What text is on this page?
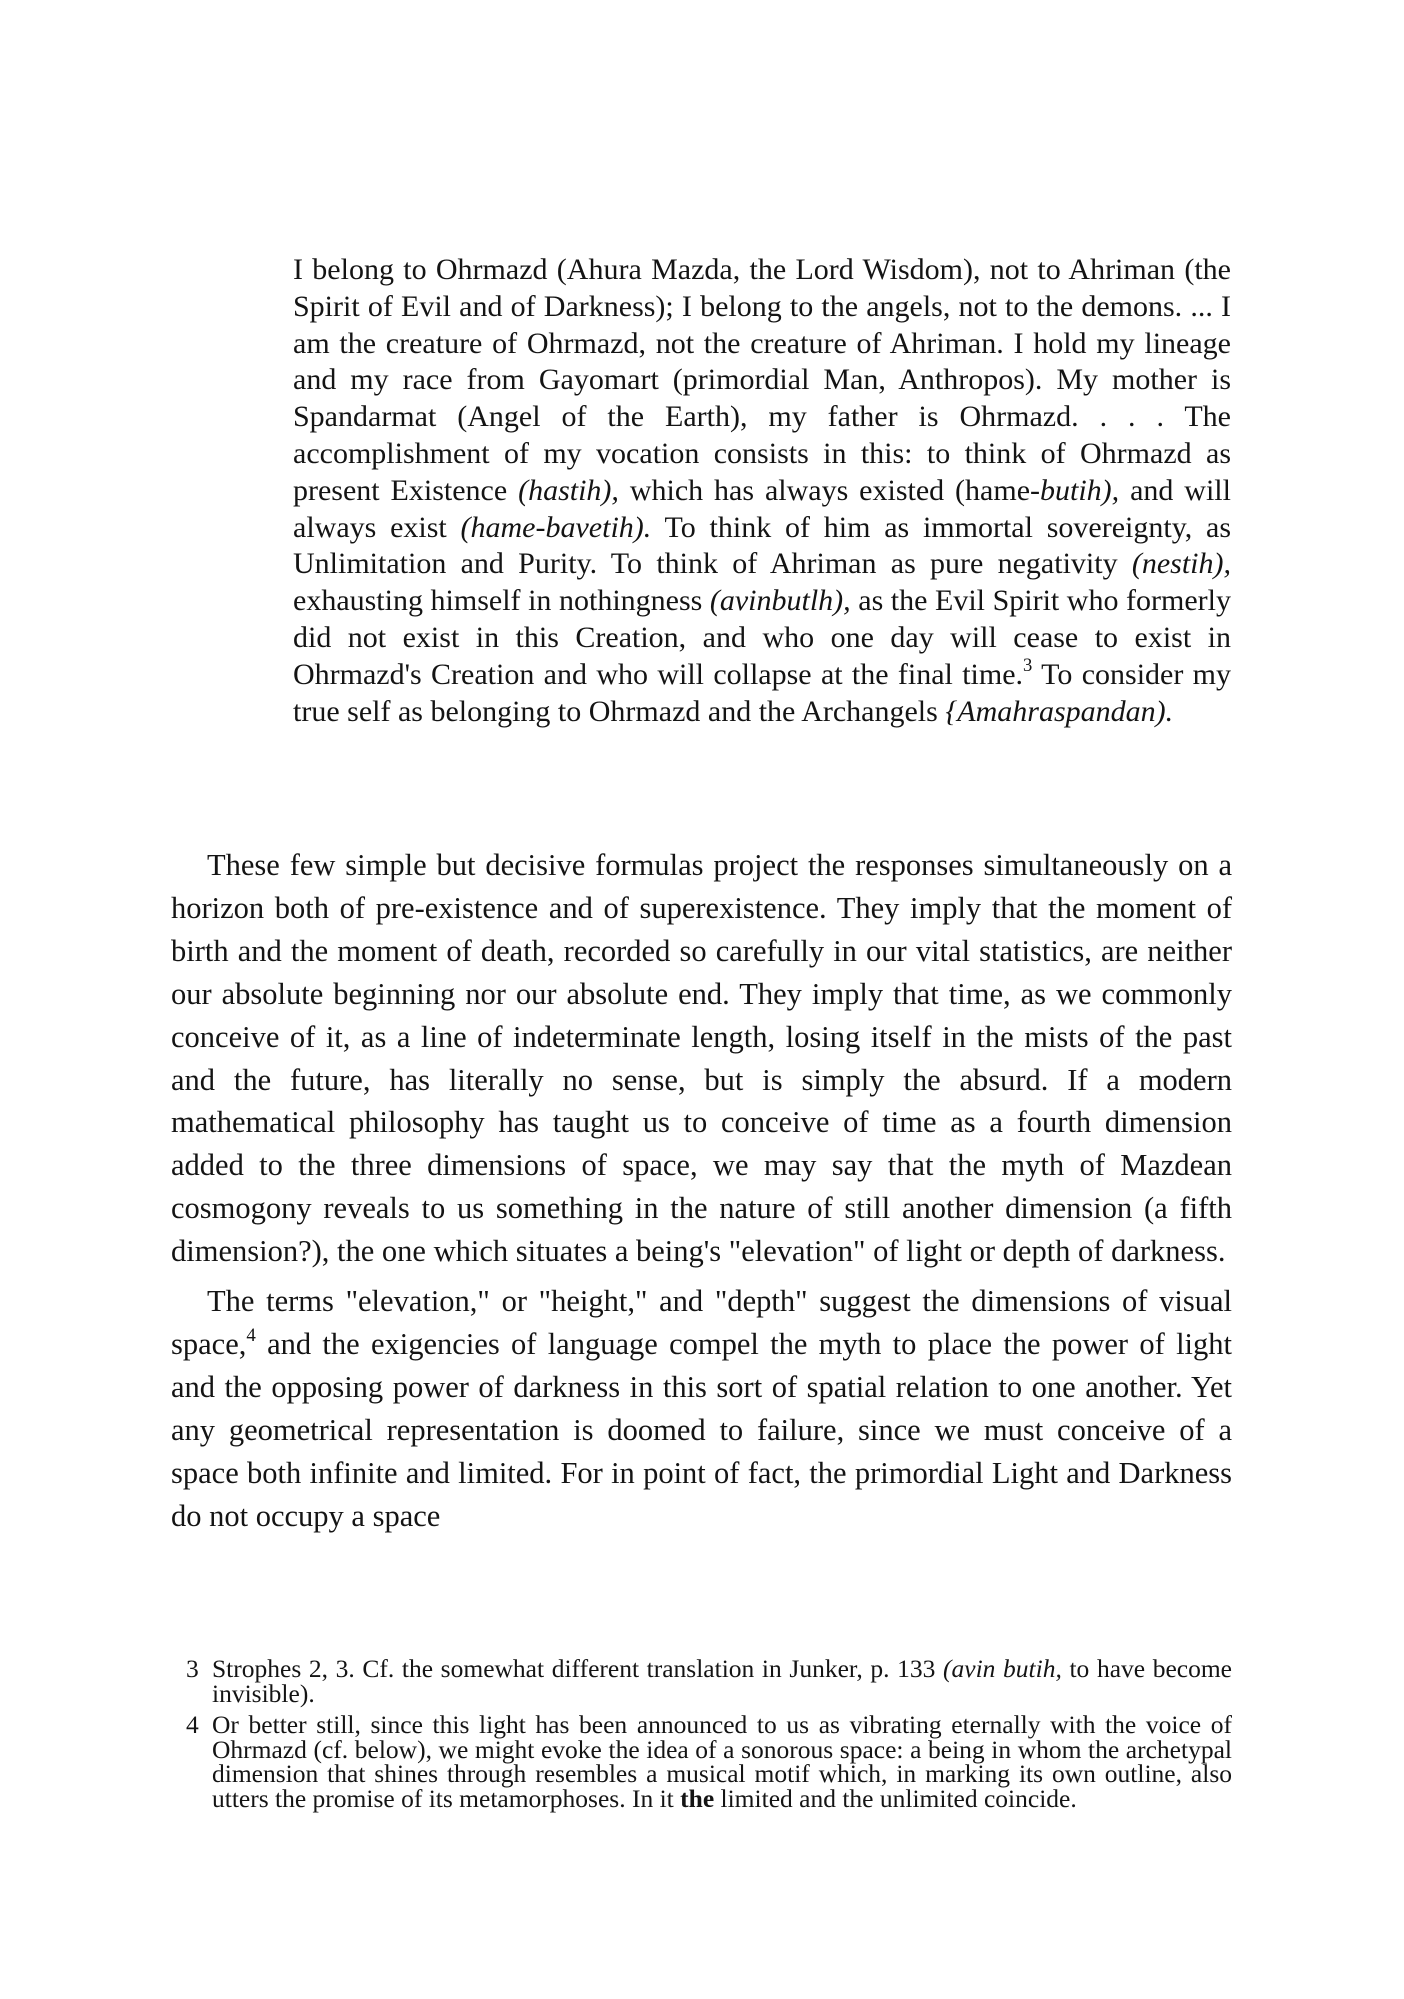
I belong to Ohrmazd (Ahura Mazda, the Lord Wisdom), not to Ahriman (the Spirit of Evil and of Darkness); I belong to the angels, not to the demons. ... I am the creature of Ohrmazd, not the creature of Ahriman. I hold my lineage and my race from Gayomart (primordial Man, Anthropos). My mother is Spandarmat (Angel of the Earth), my father is Ohrmazd. . . . The accomplishment of my vocation consists in this: to think of Ohrmazd as present Existence (hastih), which has always existed (hame-butih), and will always exist (hame-bavetih). To think of him as immortal sovereignty, as Unlimitation and Purity. To think of Ahriman as pure negativity (nestih), exhausting himself in nothingness (avinbutlh), as the Evil Spirit who formerly did not exist in this Creation, and who one day will cease to exist in Ohrmazd's Creation and who will collapse at the final time.$^3$ To consider my true self as belonging to Ohrmazd and the Archangels {Amahraspandan).

These few simple but decisive formulas project the responses simultaneously on a horizon both of pre-existence and of superexistence. They imply that the moment of birth and the moment of death, recorded so carefully in our vital statistics, are neither our absolute beginning nor our absolute end. They imply that time, as we commonly conceive of it, as a line of indeterminate length, losing itself in the mists of the past and the future, has literally no sense, but is simply the absurd. If a modern mathematical philosophy has taught us to conceive of time as a fourth dimension added to the three dimensions of space, we may say that the myth of Mazdean cosmogony reveals to us something in the nature of still another dimension (a fifth dimension?), the one which situates a being's "elevation" of light or depth of darkness.

The terms "elevation," or "height," and "depth" suggest the dimensions of visual space,$^4$ and the exigencies of language compel the myth to place the power of light and the opposing power of darkness in this sort of spatial relation to one another. Yet any geometrical representation is doomed to failure, since we must conceive of a space both infinite and limited. For in point of fact, the primordial Light and Darkness do not occupy a space

3 Strophes 2, 3. Cf. the somewhat different translation in Junker, p. 133 (avin butih, to have become invisible).
4 Or better still, since this light has been announced to us as vibrating eternally with the voice of Ohrmazd (cf. below), we might evoke the idea of a sonorous space: a being in whom the archetypal dimension that shines through resembles a musical motif which, in marking its own outline, also utters the promise of its metamorphoses. In it the limited and the unlimited coincide.
